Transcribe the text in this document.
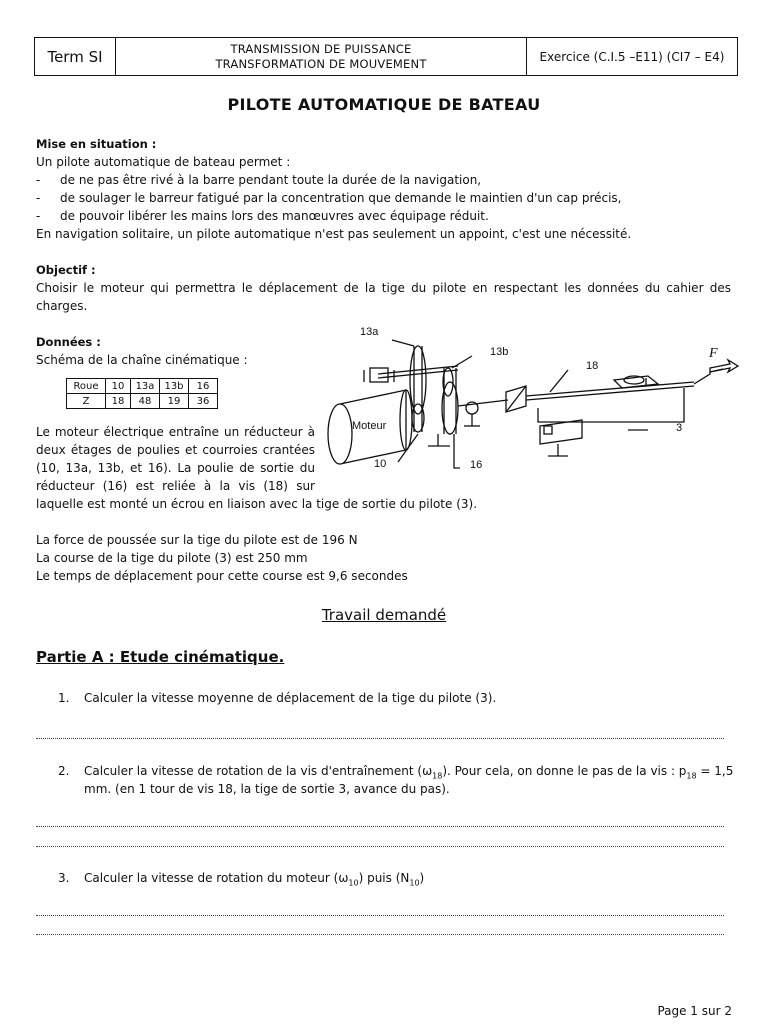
Term SI	TRANSMISSION DE PUISSANCE
TRANSFORMATION DE MOUVEMENT	Exercice (C.I.5 –E11) (CI7 – E4)
PILOTE AUTOMATIQUE DE BATEAU
Mise en situation :
Un pilote automatique de bateau permet :
- de ne pas être rivé à la barre pendant toute la durée de la navigation,
- de soulager le barreur fatigué par la concentration que demande le maintien d'un cap précis,
- de pouvoir libérer les mains lors des manœuvres avec équipage réduit.
En navigation solitaire, un pilote automatique n'est pas seulement un appoint, c'est une nécessité.
Objectif :
Choisir le moteur qui permettra le déplacement de la tige du pilote en respectant les données du cahier des
charges.
Données :
Schéma de la chaîne cinématique :
Roue	10	13a	13b	16
Z	18	48	19	36
Le moteur électrique entraîne un réducteur à
deux étages de poulies et courroies crantées
(10, 13a, 13b, et 16). La poulie de sortie du
réducteur (16) est reliée à la vis (18) sur
laquelle est monté un écrou en liaison avec la tige de sortie du pilote (3).
13a
13b
18
F
Moteur
10	16
3
La force de poussée sur la tige du pilote est de 196 N
La course de la tige du pilote (3) est 250 mm
Le temps de déplacement pour cette course est 9,6 secondes
Travail demandé
Partie A : Etude cinématique.
1.	Calculer la vitesse moyenne de déplacement de la tige du pilote (3).
2.	Calculer la vitesse de rotation de la vis d'entraînement $(\omega_{18})$. Pour cela, on donne le pas de la vis : $p_{18} = 1,5$
mm. (en 1 tour de vis 18, la tige de sortie 3, avance du pas).
3.	Calculer la vitesse de rotation du moteur $(\omega_{10})$ puis $(N_{10})$
Page 1 sur 2
